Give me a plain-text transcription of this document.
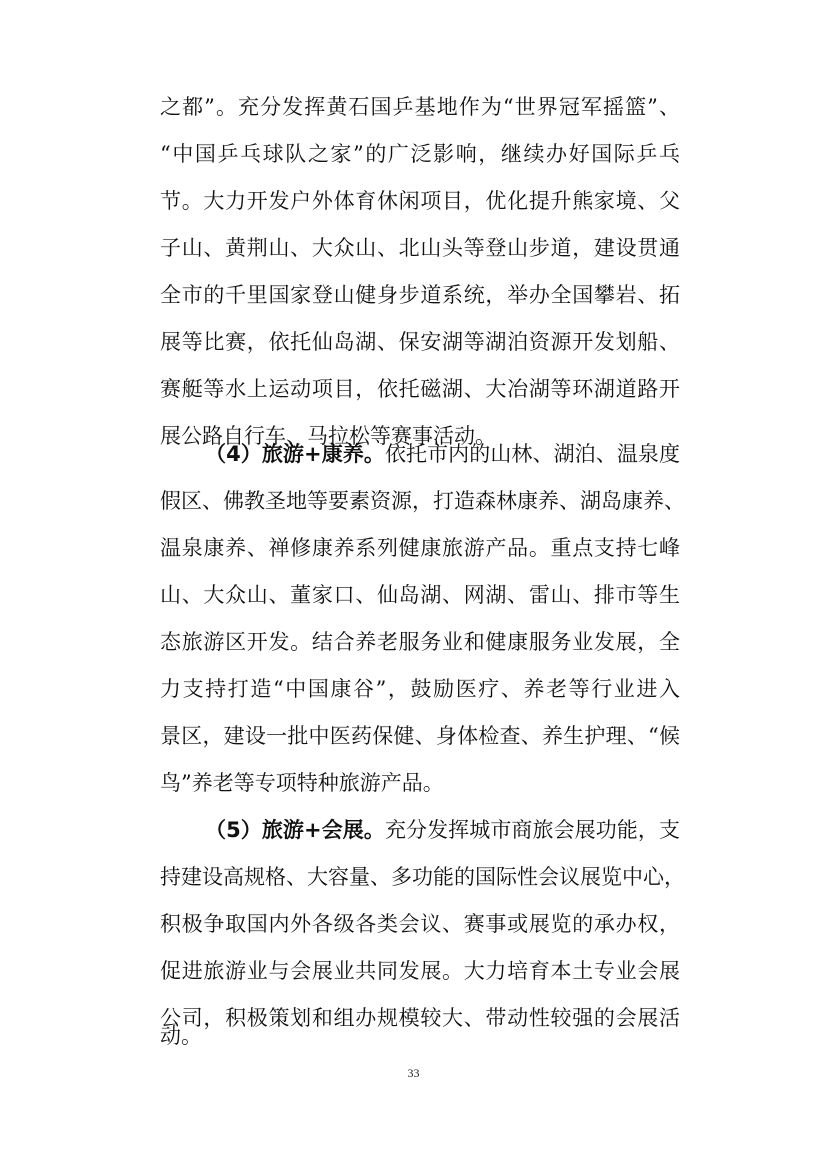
之都”。充分发挥黄石国乒基地作为“世界冠军摇篮”、
“中国乒乓球队之家”的广泛影响，继续办好国际乒乓
节。大力开发户外体育休闲项目，优化提升熊家境、父
子山、黄荆山、大众山、北山头等登山步道，建设贯通
全市的千里国家登山健身步道系统，举办全国攀岩、拓
展等比赛，依托仙岛湖、保安湖等湖泊资源开发划船、
赛艇等水上运动项目，依托磁湖、大冶湖等环湖道路开
展公路自行车、马拉松等赛事活动。
（4）旅游+康养。依托市内的山林、湖泊、温泉度
假区、佛教圣地等要素资源，打造森林康养、湖岛康养、
温泉康养、禅修康养系列健康旅游产品。重点支持七峰
山、大众山、董家口、仙岛湖、网湖、雷山、排市等生
态旅游区开发。结合养老服务业和健康服务业发展，全
力支持打造“中国康谷”，鼓励医疗、养老等行业进入
景区，建设一批中医药保健、身体检查、养生护理、“候
鸟”养老等专项特种旅游产品。
（5）旅游+会展。充分发挥城市商旅会展功能，支
持建设高规格、大容量、多功能的国际性会议展览中心，
积极争取国内外各级各类会议、赛事或展览的承办权，
促进旅游业与会展业共同发展。大力培育本土专业会展
公司，积极策划和组办规模较大、带动性较强的会展活
动。
33
